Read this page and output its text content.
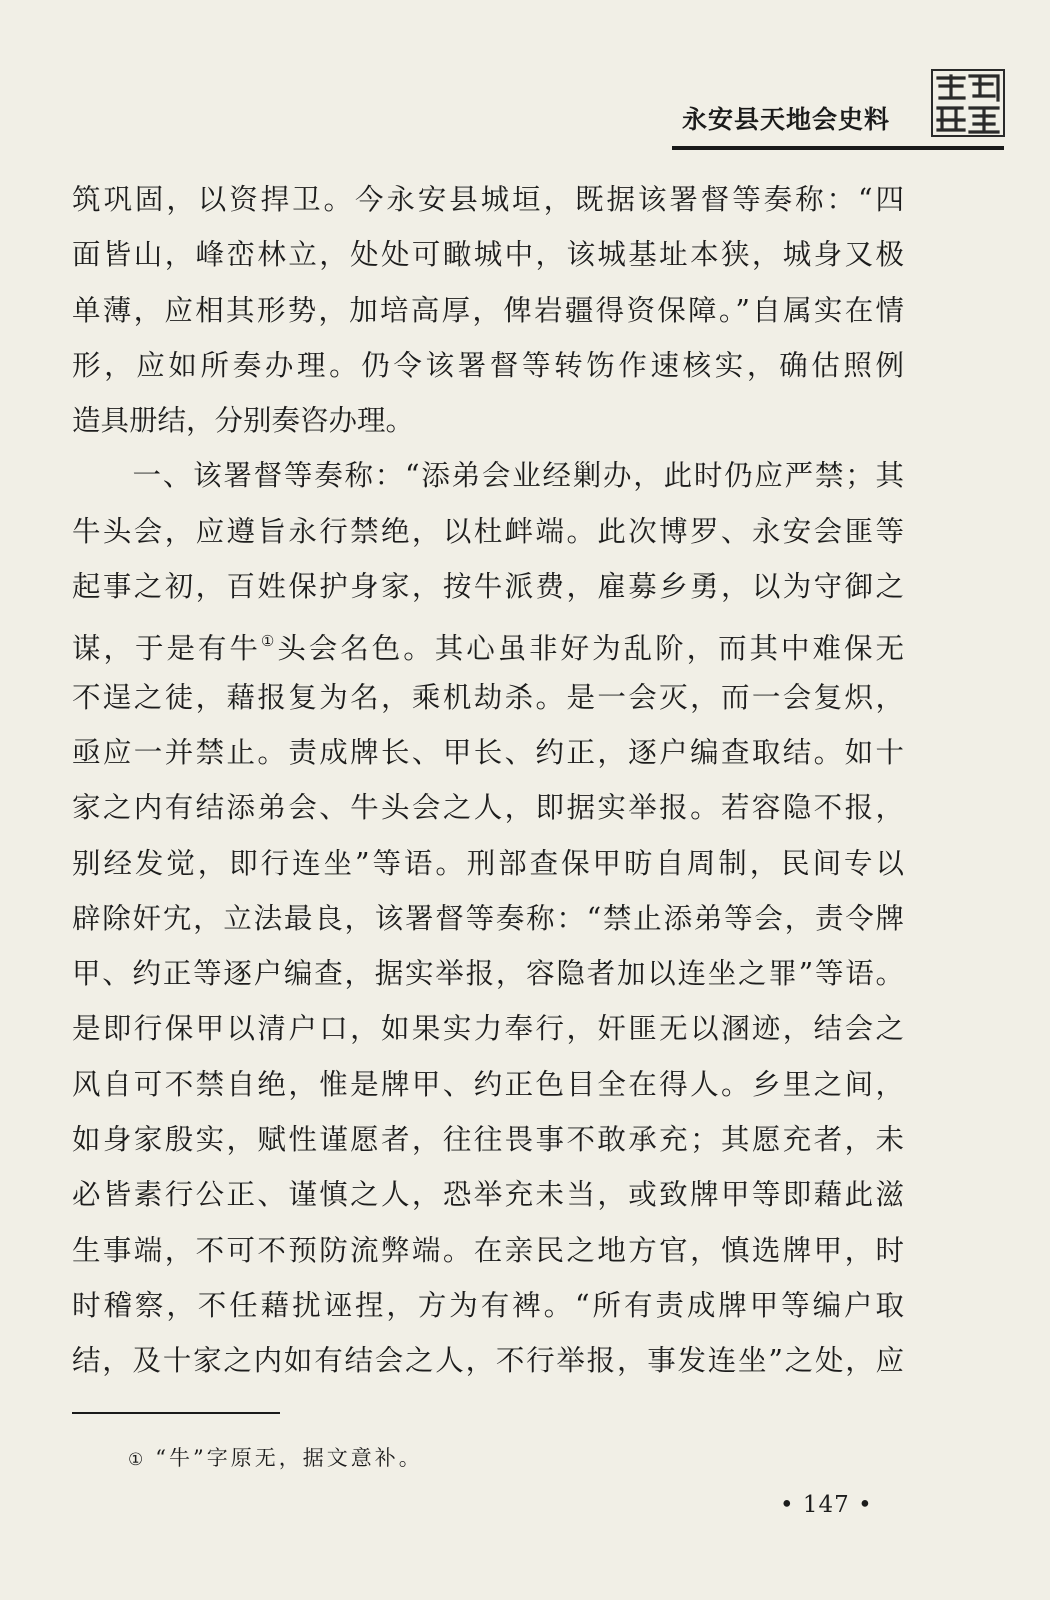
永安县天地会史料
筑巩固，以资捍卫。今永安县城垣，既据该署督等奏称：“四
面皆山，峰峦林立，处处可瞰城中，该城基址本狭，城身又极
单薄，应相其形势，加培高厚，俾岩疆得资保障。”自属实在情
形，应如所奏办理。仍令该署督等转饬作速核实，确估照例
造具册结，分别奏咨办理。
　　一、该署督等奏称：“添弟会业经剿办，此时仍应严禁；其
牛头会，应遵旨永行禁绝，以杜衅端。此次博罗、永安会匪等
起事之初，百姓保护身家，按牛派费，雇募乡勇，以为守御之
谋，于是有牛①头会名色。其心虽非好为乱阶，而其中难保无
不逞之徒，藉报复为名，乘机劫杀。是一会灭，而一会复炽，
亟应一并禁止。责成牌长、甲长、约正，逐户编查取结。如十
家之内有结添弟会、牛头会之人，即据实举报。若容隐不报，
别经发觉，即行连坐”等语。刑部查保甲昉自周制，民间专以
辟除奸宄，立法最良，该署督等奏称：“禁止添弟等会，责令牌
甲、约正等逐户编查，据实举报，容隐者加以连坐之罪”等语。
是即行保甲以清户口，如果实力奉行，奸匪无以溷迹，结会之
风自可不禁自绝，惟是牌甲、约正色目全在得人。乡里之间，
如身家殷实，赋性谨愿者，往往畏事不敢承充；其愿充者，未
必皆素行公正、谨慎之人，恐举充未当，或致牌甲等即藉此滋
生事端，不可不预防流弊端。在亲民之地方官，慎选牌甲，时
时稽察，不任藉扰诬捏，方为有裨。“所有责成牌甲等编户取
结，及十家之内如有结会之人，不行举报，事发连坐”之处，应
① “牛”字原无，据文意补。
• 147 •
